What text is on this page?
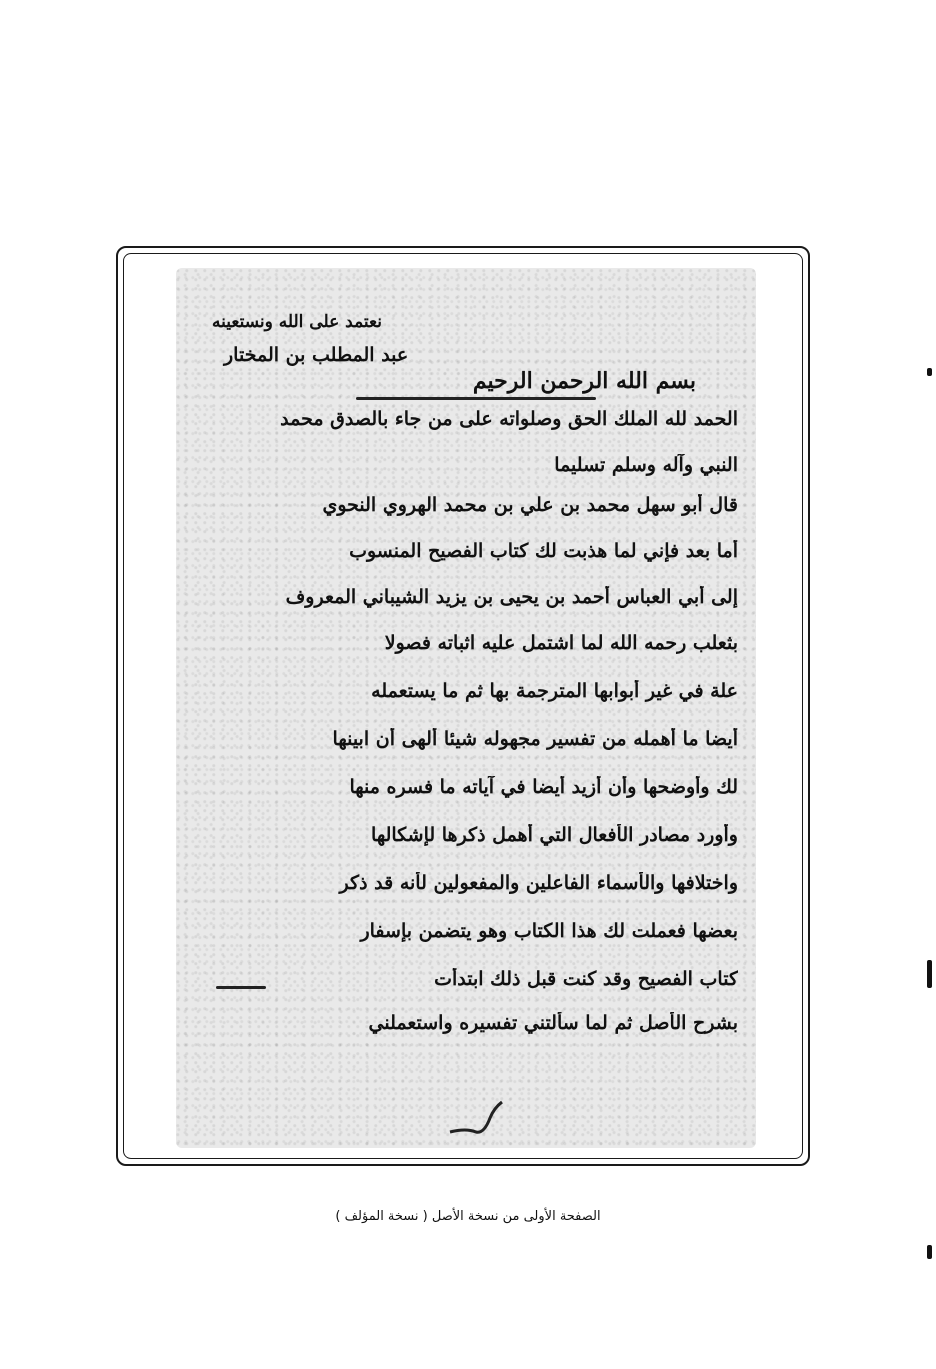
نعتمد على الله ونستعينه
عبد المطلب بن المختار
بسم الله الرحمن الرحيم
الحمد لله الملك الحق وصلواته على من جاء بالصدق محمد
النبي وآله وسلم تسليما
قال أبو سهل محمد بن علي بن محمد الهروي النحوي
أما بعد فإني لما هذبت لك كتاب الفصيح المنسوب
إلى أبي العباس أحمد بن يحيى بن يزيد الشيباني المعروف
بثعلب رحمه الله لما اشتمل عليه اثباته فصولا
علة في غير أبوابها المترجمة بها ثم ما يستعمله
أيضا ما أهمله من تفسير مجهوله شيئا ألهى أن ابينها
لك وأوضحها وأن أزيد أيضا في آياته ما فسره منها
وأورد مصادر الأفعال التي أهمل ذكرها لإشكالها
واختلافها والأسماء الفاعلين والمفعولين لأنه قد ذكر
بعضها فعملت لك هذا الكتاب وهو يتضمن بإسفار
كتاب الفصيح وقد كنت قبل ذلك ابتدأت
بشرح الأصل ثم لما سألتني تفسيره واستعملني
الصفحة الأولى من نسخة الأصل ( نسخة المؤلف )
